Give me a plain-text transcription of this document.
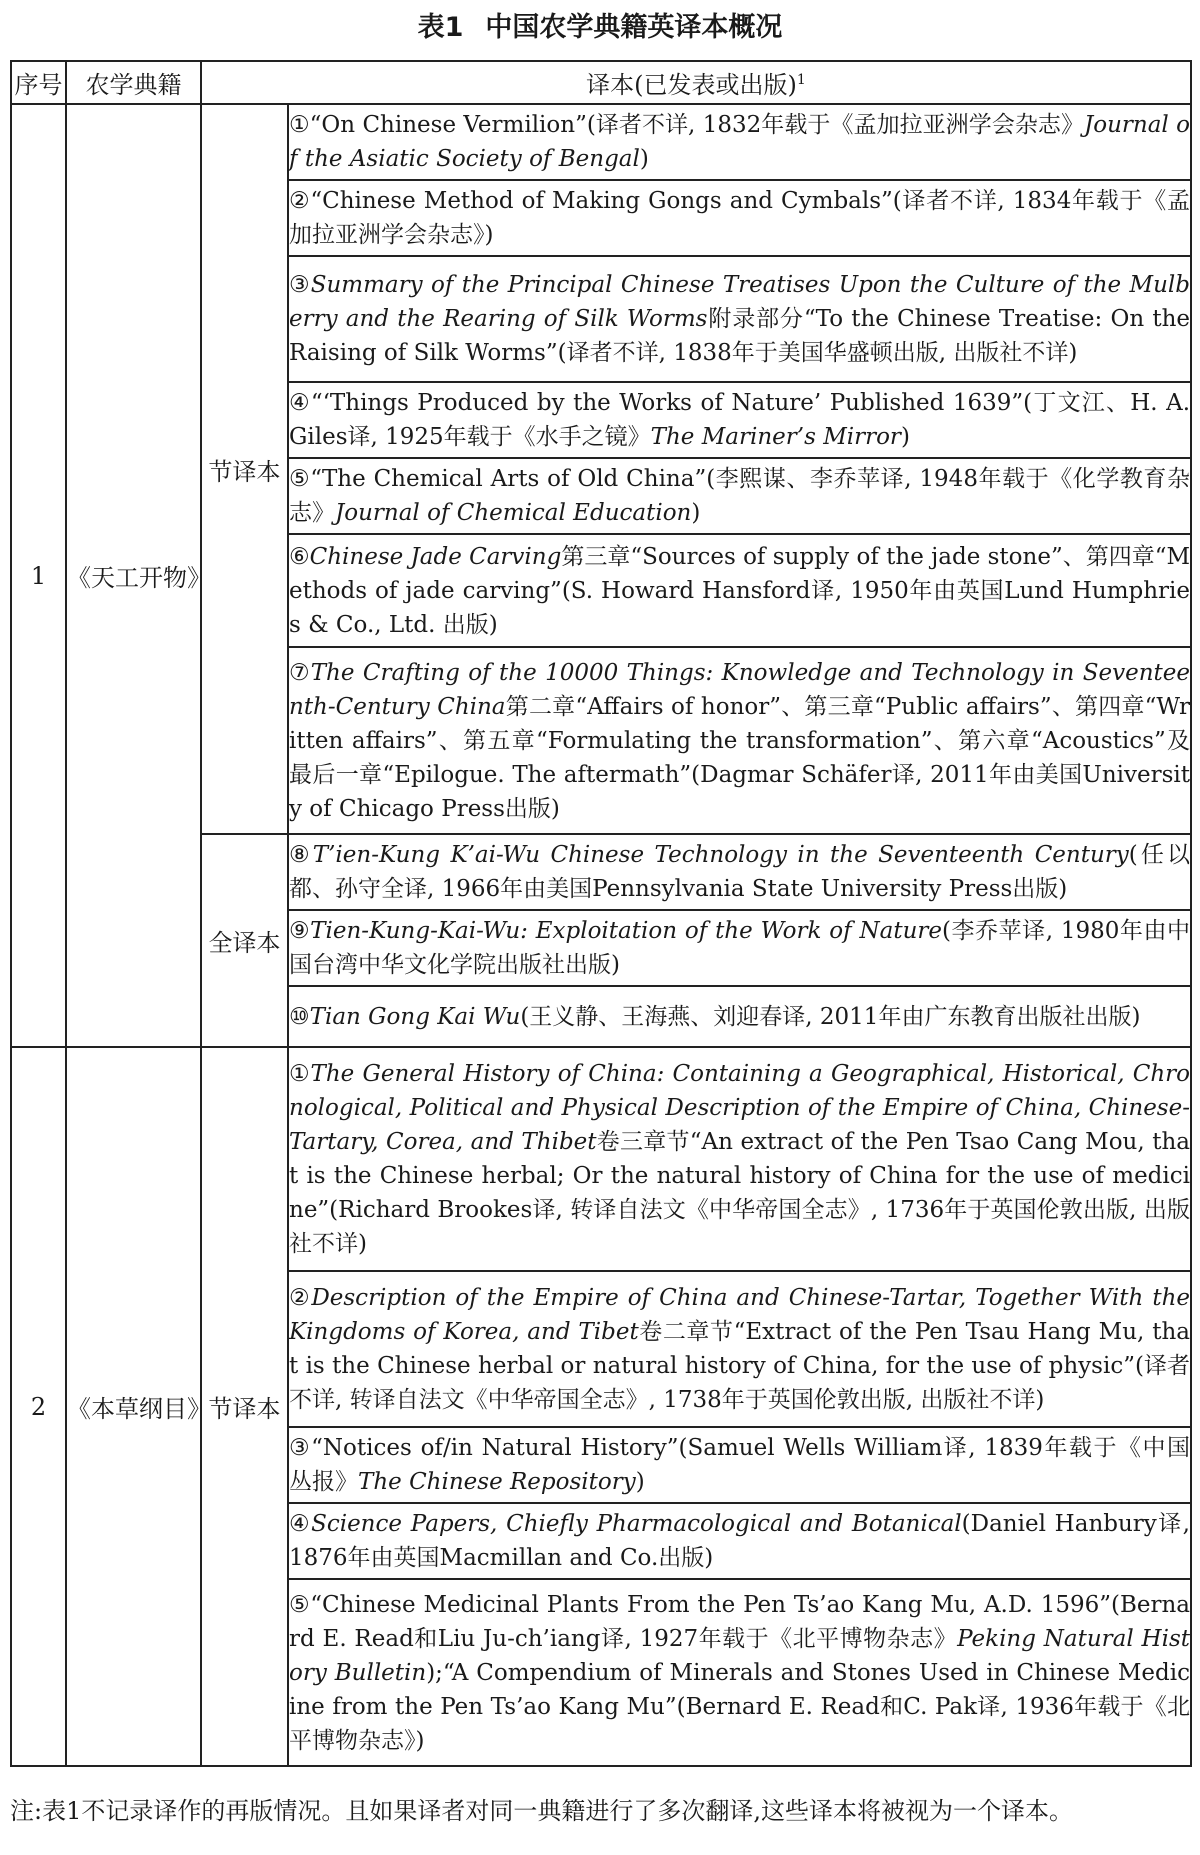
表1 中国农学典籍英译本概况
序号	农学典籍	译本(已发表或出版)$^1$
1	《天工开物》	节译本	①“On Chinese Vermilion”(译者不详, 1832年载于《孟加拉亚洲学会杂志》Journal of the Asiatic Society of Bengal)
			②“Chinese Method of Making Gongs and Cymbals”(译者不详, 1834年载于《孟加拉亚洲学会杂志》)
			③Summary of the Principal Chinese Treatises Upon the Culture of the Mulberry and the Rearing of Silk Worms附录部分“To the Chinese Treatise: On the Raising of Silk Worms”(译者不详, 1838年于美国华盛顿出版, 出版社不详)
			④“‘Things Produced by the Works of Nature’ Published 1639”(丁文江、H. A. Giles译, 1925年载于《水手之镜》The Mariner’s Mirror)
			⑤“The Chemical Arts of Old China”(李熙谋、李乔苹译, 1948年载于《化学教育杂志》Journal of Chemical Education)
			⑥Chinese Jade Carving第三章“Sources of supply of the jade stone”、第四章“Methods of jade carving”(S. Howard Hansford译, 1950年由英国Lund Humphries & Co., Ltd. 出版)
			⑦The Crafting of the 10000 Things: Knowledge and Technology in Seventeenth-Century China第二章“Affairs of honor”、第三章“Public affairs”、第四章“Written affairs”、第五章“Formulating the transformation”、第六章“Acoustics”及最后一章“Epilogue. The aftermath”(Dagmar Schäfer译, 2011年由美国University of Chicago Press出版)
		全译本	⑧T’ien-Kung K’ai-Wu Chinese Technology in the Seventeenth Century(任以都、孙守全译, 1966年由美国Pennsylvania State University Press出版)
			⑨Tien-Kung-Kai-Wu: Exploitation of the Work of Nature(李乔苹译, 1980年由中国台湾中华文化学院出版社出版)
			⑩Tian Gong Kai Wu(王义静、王海燕、刘迎春译, 2011年由广东教育出版社出版)
2	《本草纲目》	节译本	①The General History of China: Containing a Geographical, Historical, Chronological, Political and Physical Description of the Empire of China, Chinese-Tartary, Corea, and Thibet卷三章节“An extract of the Pen Tsao Cang Mou, that is the Chinese herbal; Or the natural history of China for the use of medicine”(Richard Brookes译, 转译自法文《中华帝国全志》, 1736年于英国伦敦出版, 出版社不详)
			②Description of the Empire of China and Chinese-Tartar, Together With the Kingdoms of Korea, and Tibet卷二章节“Extract of the Pen Tsau Hang Mu, that is the Chinese herbal or natural history of China, for the use of physic”(译者不详, 转译自法文《中华帝国全志》, 1738年于英国伦敦出版, 出版社不详)
			③“Notices of/in Natural History”(Samuel Wells William译, 1839年载于《中国丛报》The Chinese Repository)
			④Science Papers, Chiefly Pharmacological and Botanical(Daniel Hanbury译, 1876年由英国Macmillan and Co.出版)
			⑤“Chinese Medicinal Plants From the Pen Ts’ao Kang Mu, A.D. 1596”(Bernard E. Read和Liu Ju-ch’iang译, 1927年载于《北平博物杂志》Peking Natural History Bulletin);“A Compendium of Minerals and Stones Used in Chinese Medicine from the Pen Ts’ao Kang Mu”(Bernard E. Read和C. Pak译, 1936年载于《北平博物杂志》)
注:表1不记录译作的再版情况。且如果译者对同一典籍进行了多次翻译,这些译本将被视为一个译本。
